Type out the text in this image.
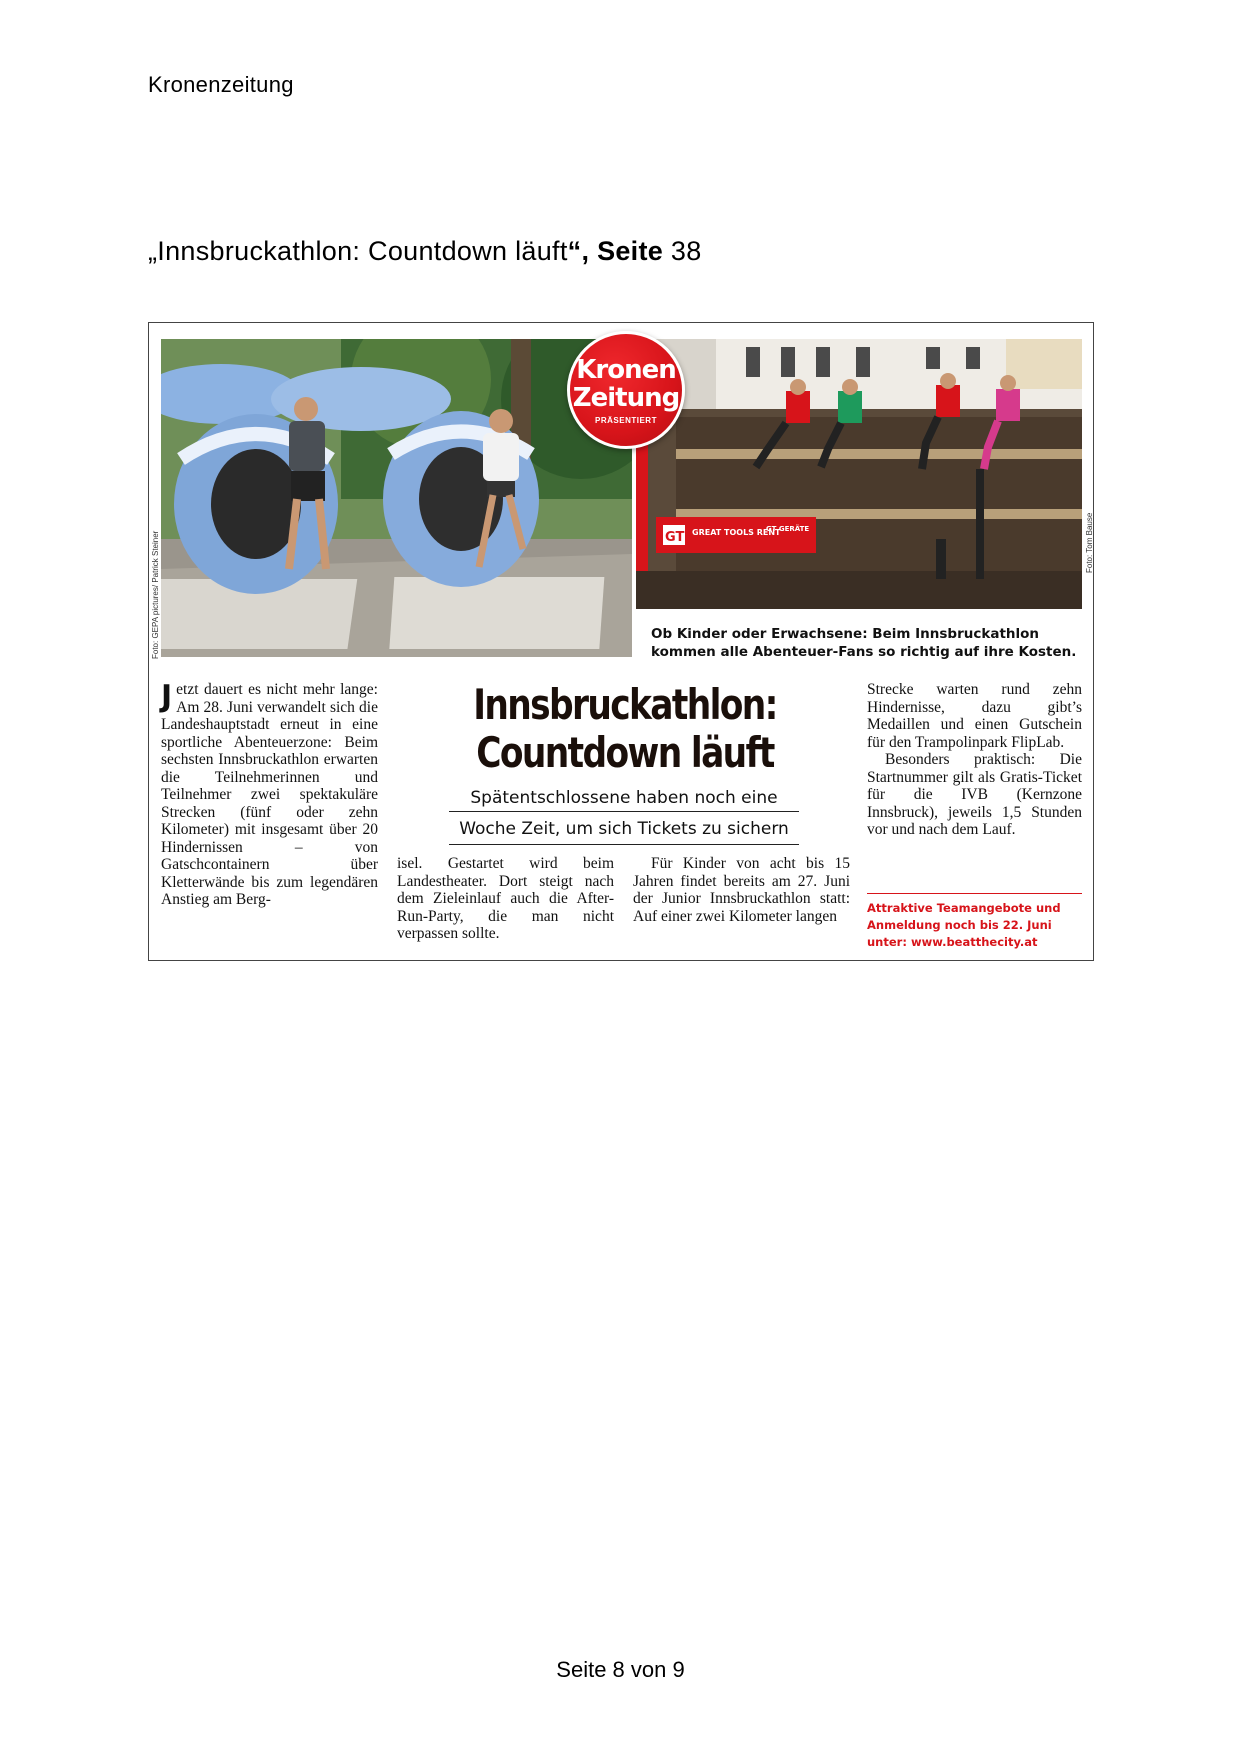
Kronenzeitung
„Innsbruckathlon: Countdown läuft“, Seite 38
Foto: GEPA pictures/ Patrick Steiner	GT GREAT TOOLS RENT
GT GERÄTE	Foto: Tom Bause
Kronen
Zeitung
PRÄSENTIERT
Ob Kinder oder Erwachsene: Beim Innsbruckathlon kommen alle Abenteuer-Fans so richtig auf ihre Kosten.
Jetzt dauert es nicht mehr lange: Am 28. Juni verwandelt sich die Landeshauptstadt erneut in eine sportliche Abenteuerzone: Beim sechsten Innsbruckathlon erwarten die Teilnehmerinnen und Teilnehmer zwei spektakuläre Strecken (fünf oder zehn Kilometer) mit insgesamt über 20 Hindernissen – von Gatschcontainern über Kletterwände bis zum legendären Anstieg am Berg-
Innsbruckathlon:
Countdown läuft
Spätentschlossene haben noch eine
Woche Zeit, um sich Tickets zu sichern
isel. Gestartet wird beim Landestheater. Dort steigt nach dem Zieleinlauf auch die After-Run-Party, die man nicht verpassen sollte.
Für Kinder von acht bis 15 Jahren findet bereits am 27. Juni der Junior Innsbruckathlon statt: Auf einer zwei Kilometer langen
Strecke warten rund zehn Hindernisse, dazu gibt’s Medaillen und einen Gutschein für den Trampolinpark FlipLab.
Besonders praktisch: Die Startnummer gilt als Gratis-Ticket für die IVB (Kernzone Innsbruck), jeweils 1,5 Stunden vor und nach dem Lauf.
Attraktive Teamangebote und Anmeldung noch bis 22. Juni unter: www.beatthecity.at
Seite 8 von 9
